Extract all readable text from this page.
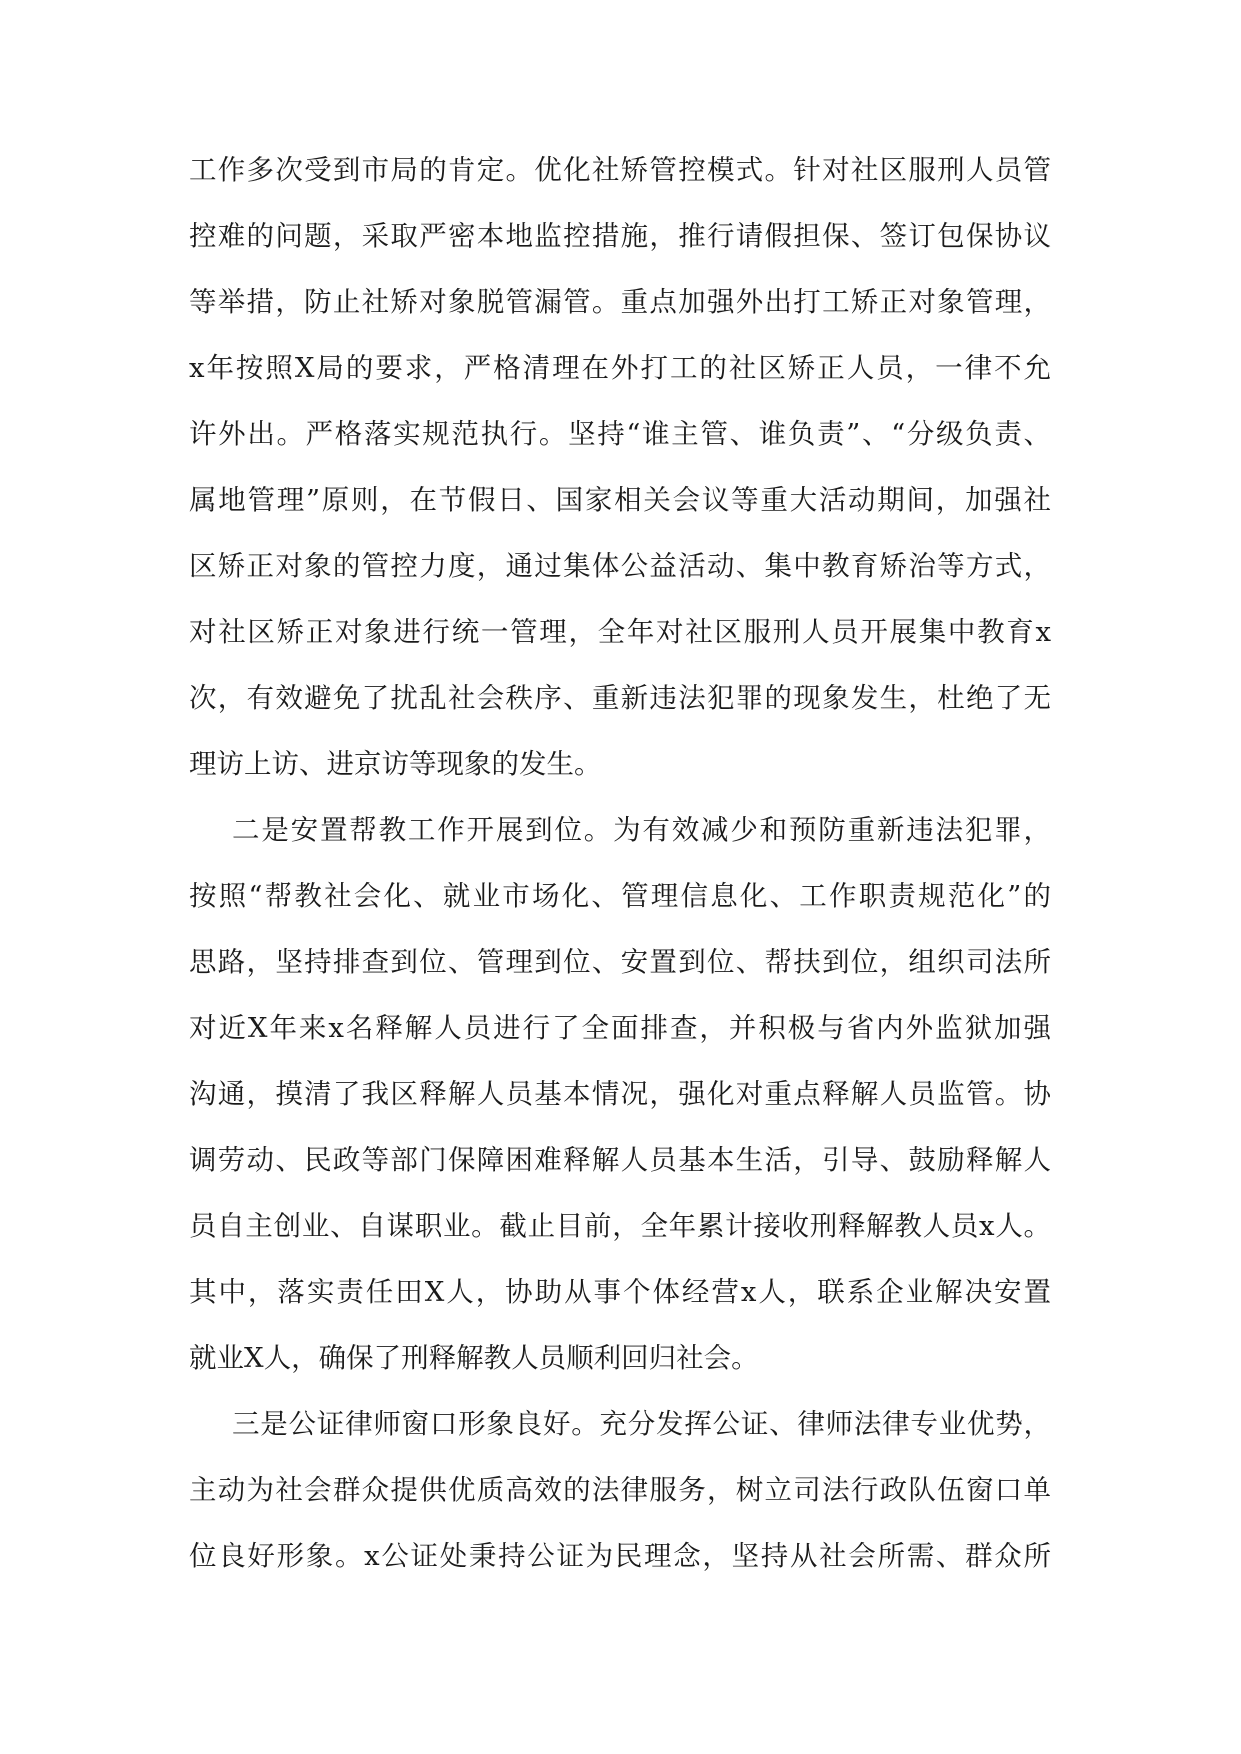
工作多次受到市局的肯定。优化社矫管控模式。针对社区服刑人员管
控难的问题，采取严密本地监控措施，推行请假担保、签订包保协议
等举措，防止社矫对象脱管漏管。重点加强外出打工矫正对象管理，
x年按照X局的要求，严格清理在外打工的社区矫正人员，一律不允
许外出。严格落实规范执行。坚持“谁主管、谁负责”、“分级负责、
属地管理”原则，在节假日、国家相关会议等重大活动期间，加强社
区矫正对象的管控力度，通过集体公益活动、集中教育矫治等方式，
对社区矫正对象进行统一管理，全年对社区服刑人员开展集中教育x
次，有效避免了扰乱社会秩序、重新违法犯罪的现象发生，杜绝了无
理访上访、进京访等现象的发生。
二是安置帮教工作开展到位。为有效减少和预防重新违法犯罪，
按照“帮教社会化、就业市场化、管理信息化、工作职责规范化”的
思路，坚持排查到位、管理到位、安置到位、帮扶到位，组织司法所
对近X年来x名释解人员进行了全面排查，并积极与省内外监狱加强
沟通，摸清了我区释解人员基本情况，强化对重点释解人员监管。协
调劳动、民政等部门保障困难释解人员基本生活，引导、鼓励释解人
员自主创业、自谋职业。截止目前，全年累计接收刑释解教人员x人。
其中，落实责任田X人，协助从事个体经营x人，联系企业解决安置
就业X人，确保了刑释解教人员顺利回归社会。
三是公证律师窗口形象良好。充分发挥公证、律师法律专业优势，
主动为社会群众提供优质高效的法律服务，树立司法行政队伍窗口单
位良好形象。x公证处秉持公证为民理念，坚持从社会所需、群众所
